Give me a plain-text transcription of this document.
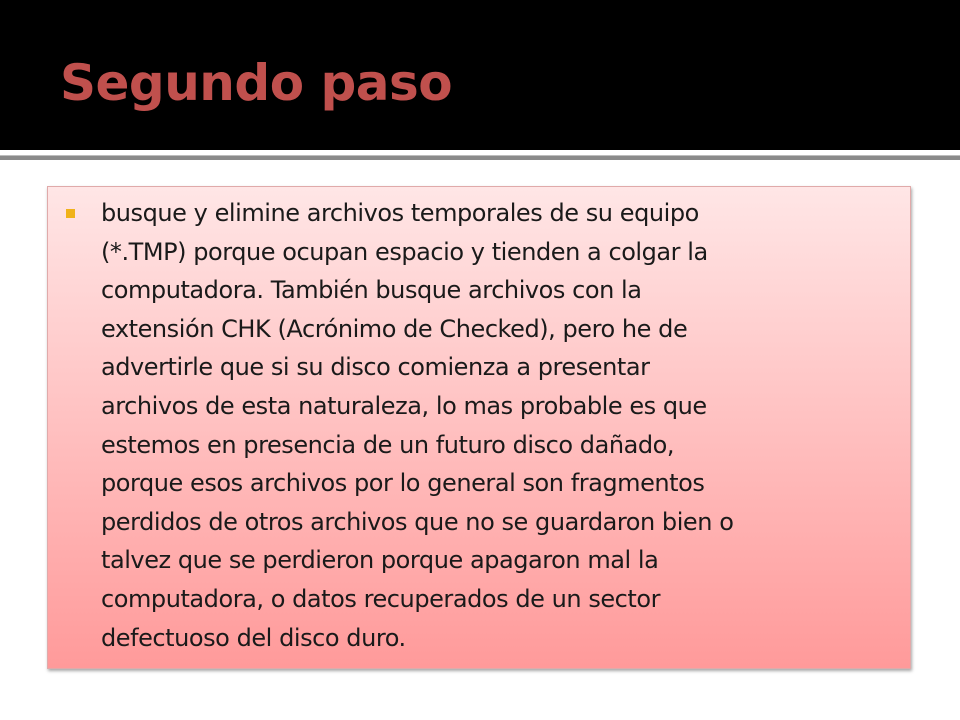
Segundo paso

busque y elimine archivos temporales de su equipo
(*.TMP) porque ocupan espacio y tienden a colgar la
computadora. También busque archivos con la
extensión CHK (Acrónimo de Checked), pero he de
advertirle que si su disco comienza a presentar
archivos de esta naturaleza, lo mas probable es que
estemos en presencia de un futuro disco dañado,
porque esos archivos por lo general son fragmentos
perdidos de otros archivos que no se guardaron bien o
talvez que se perdieron porque apagaron mal la
computadora, o datos recuperados de un sector
defectuoso del disco duro.
